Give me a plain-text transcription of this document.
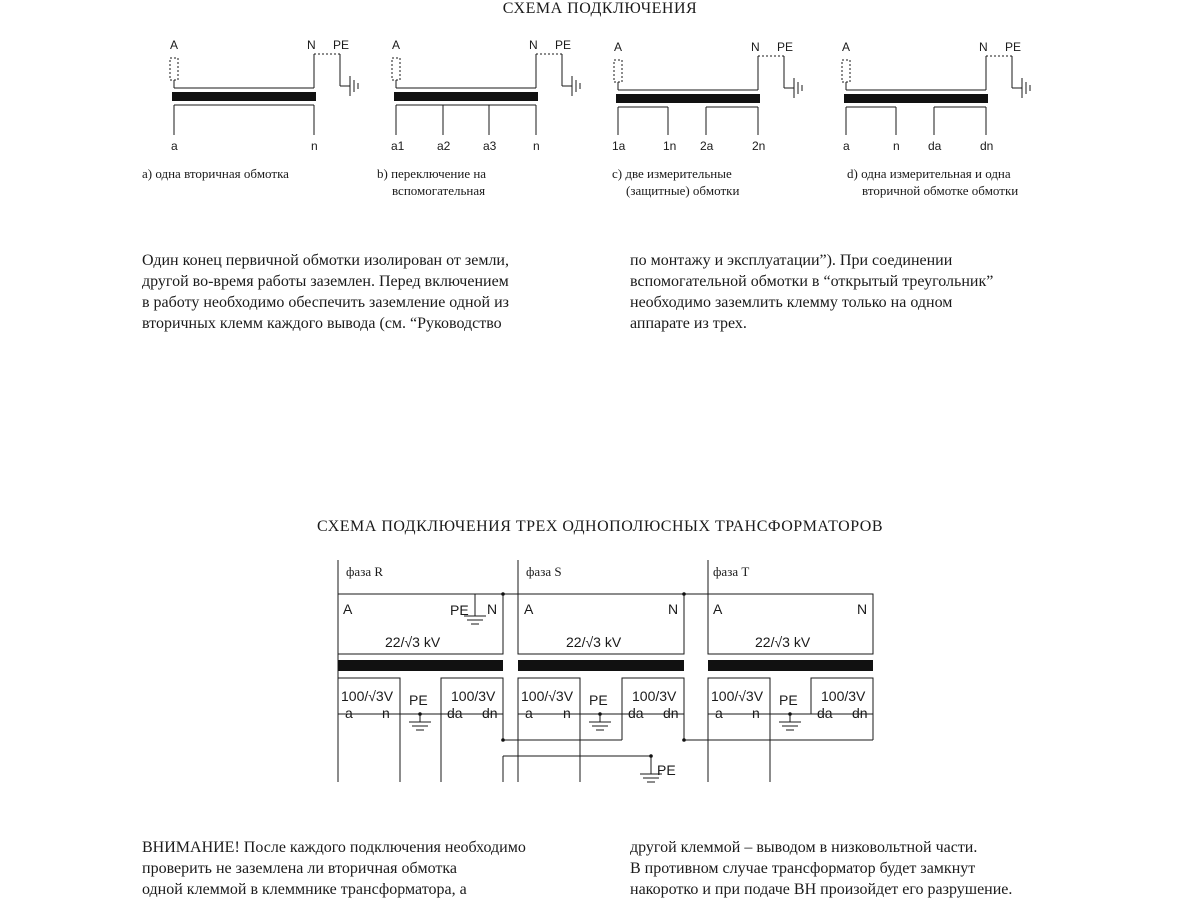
СХЕМА ПОДКЛЮЧЕНИЯ
A	N PE
a	n
A	N PE
a1	a2	a3	n
A	N PE
1a	1n 2a	2n
A	N PE
a	n da	dn
a) одна вторичная обмотка	b) переключение на
вспомогательная
c) две измерительные
(защитные) обмотки
d) одна измерительная и одна
вторичной обмотке обмотки
Один конец первичной обмотки изолирован от земли,
другой во-время работы заземлен. Перед включением
в работу необходимо обеспечить заземление одной из
вторичных клемм каждого вывода (см. “Руководство
по монтажу и эксплуатации”). При соединении
вспомогательной обмотки в “открытый треугольник”
необходимо заземлить клемму только на одном
аппарате из трех.
СХЕМА ПОДКЛЮЧЕНИЯ ТРЕХ ОДНОПОЛЮСНЫХ ТРАНСФОРМАТОРОВ
фаза R
A	PE N
22/√3 kV
100/√3V
a n
PE 100/3V
da dn
фаза S
A	N
22/√3 kV
100/√3V
a n
PE 100/3V
da dn
фаза T
A	N
22/√3 kV
100/√3V
a n
PE 100/3V
da dn
PE
ВНИМАНИЕ! После каждого подключения необходимо
проверить не заземлена ли вторичная обмотка
одной клеммой в клеммнике трансформатора, а
другой клеммой – выводом в низковольтной части.
В противном случае трансформатор будет замкнут
накоротко и при подаче ВН произойдет его разрушение.
